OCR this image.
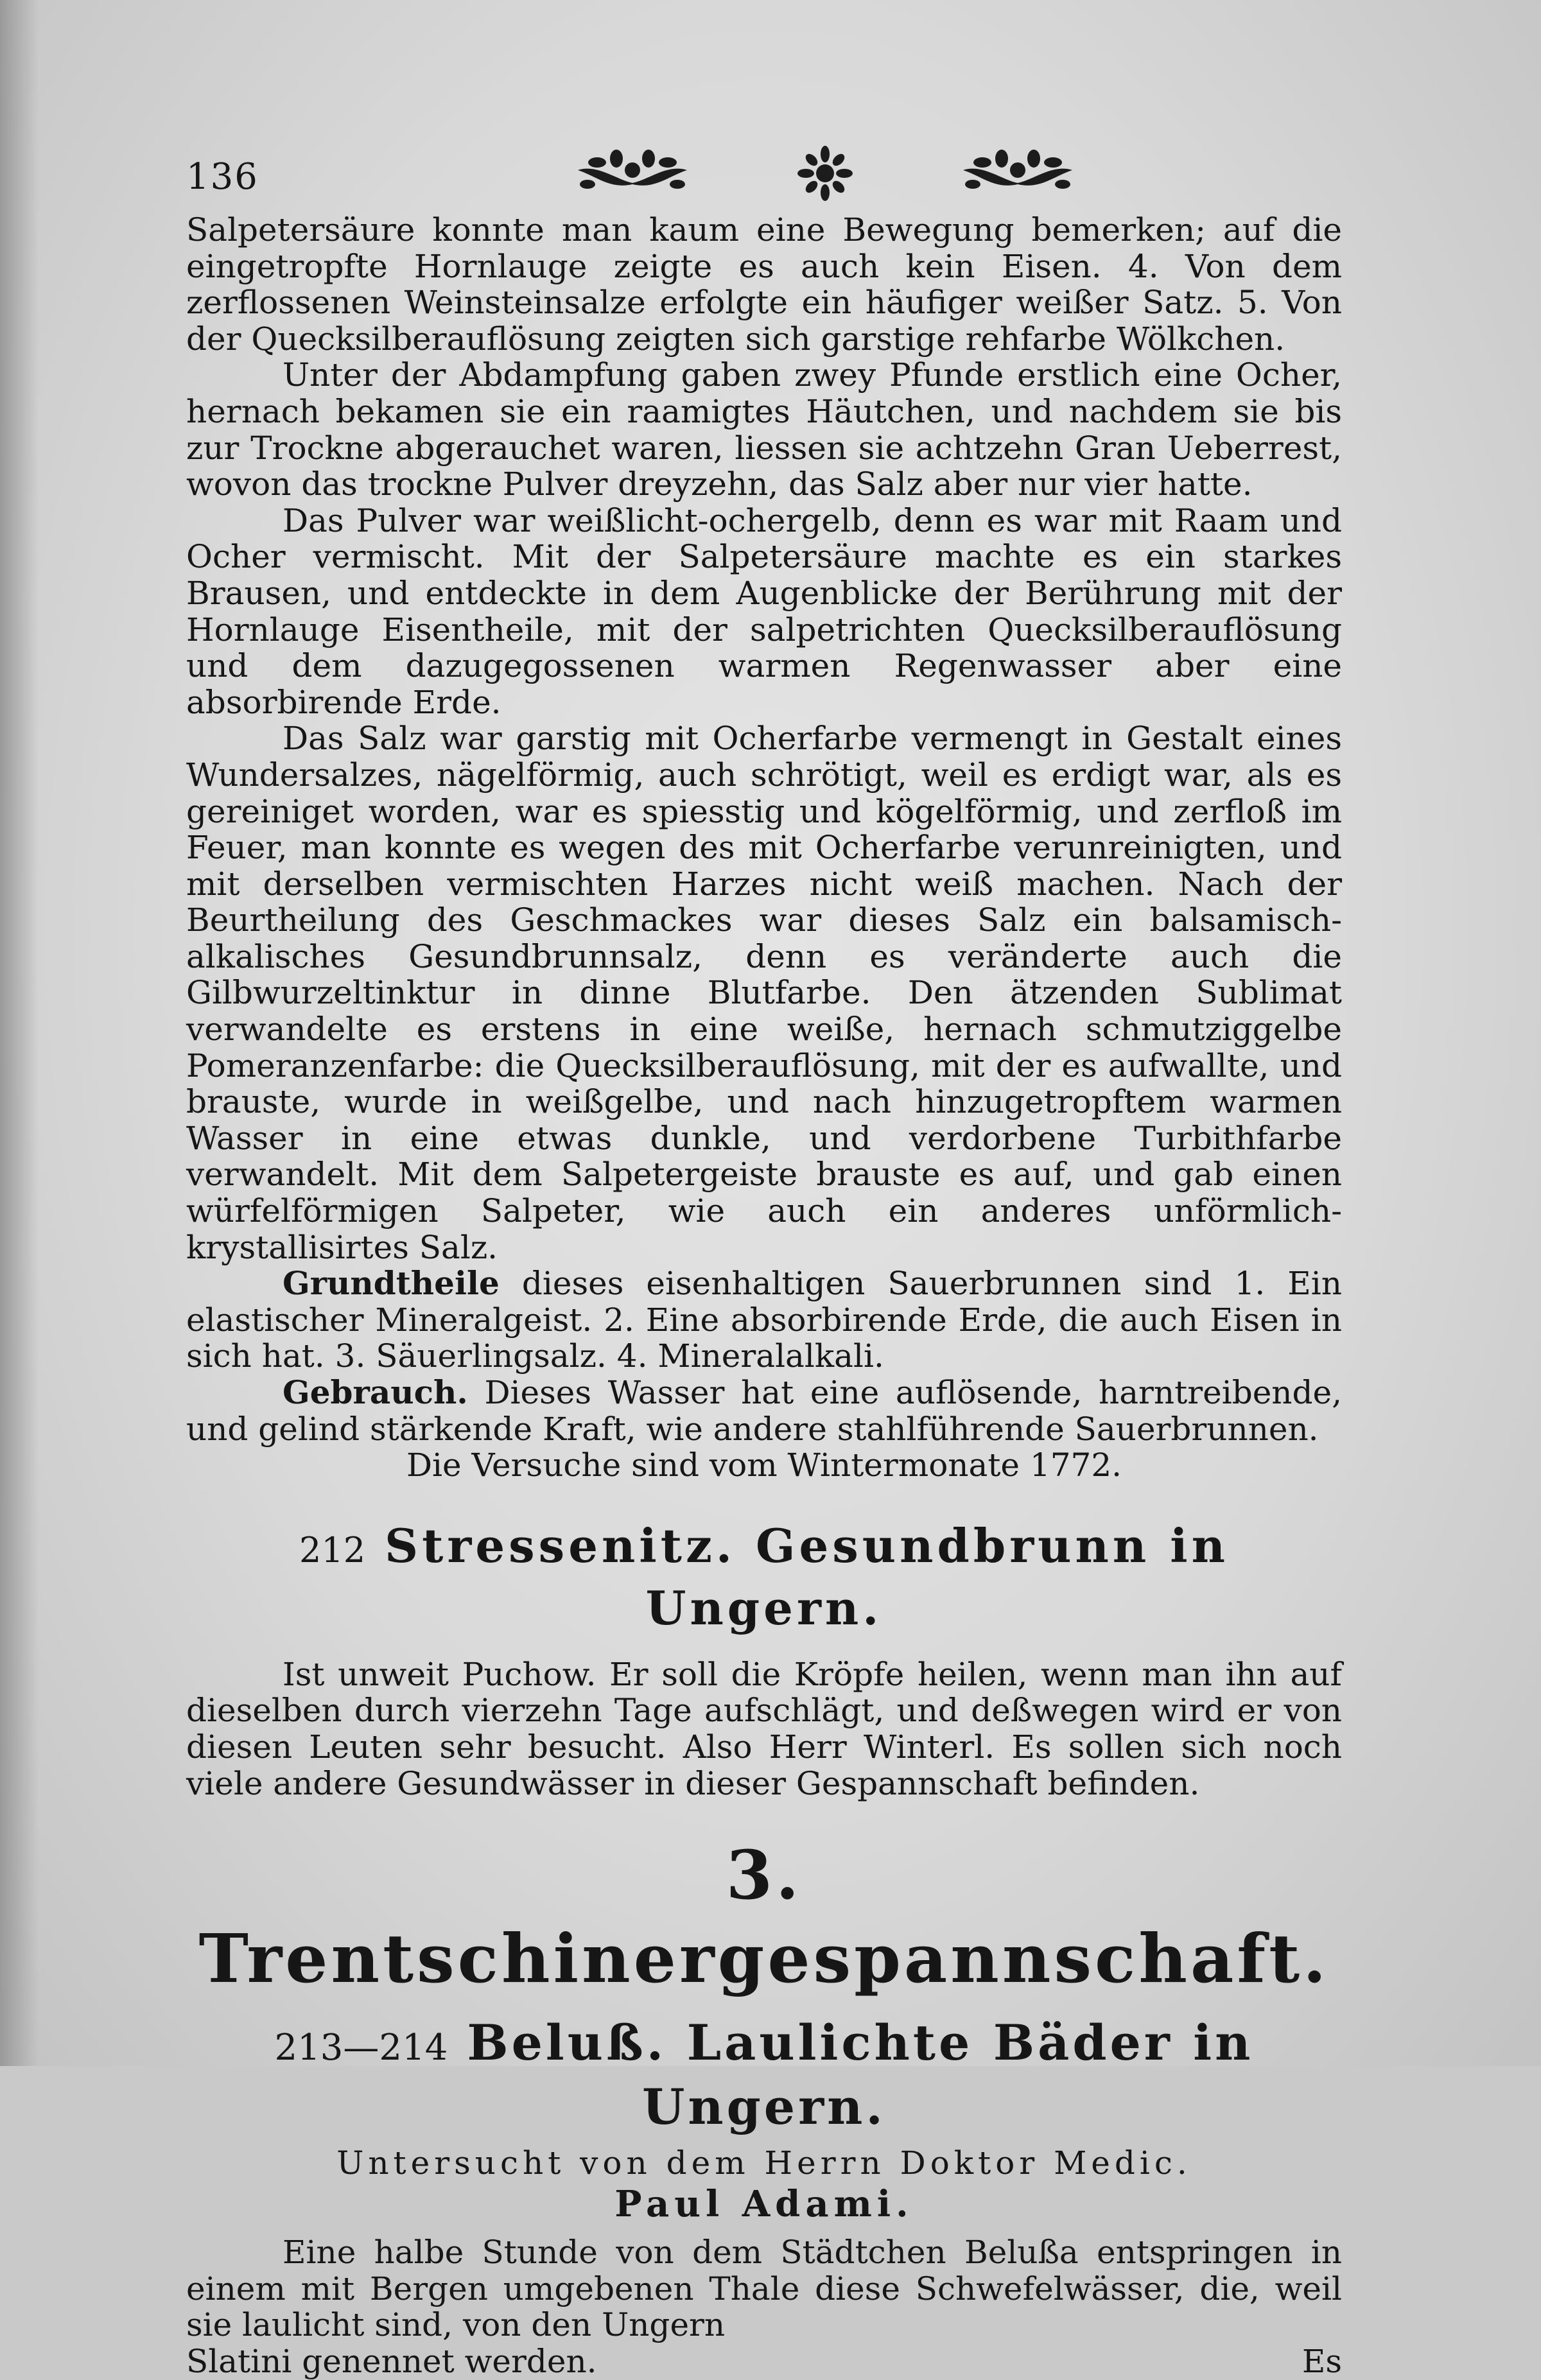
136

Salpetersäure konnte man kaum eine Bewegung bemerken; auf die eingetropfte Hornlauge zeigte es auch kein Eisen. 4. Von dem zerflossenen Weinsteinsalze erfolgte ein häufiger weißer Satz. 5. Von der Quecksilberauflösung zeigten sich garstige rehfarbe Wölkchen.

Unter der Abdampfung gaben zwey Pfunde erstlich eine Ocher, hernach bekamen sie ein raamigtes Häutchen, und nachdem sie bis zur Trockne abgerauchet waren, liessen sie achtzehn Gran Ueberrest, wovon das trockne Pulver dreyzehn, das Salz aber nur vier hatte.

Das Pulver war weißlicht-ochergelb, denn es war mit Raam und Ocher vermischt. Mit der Salpetersäure machte es ein starkes Brausen, und entdeckte in dem Augenblicke der Berührung mit der Hornlauge Eisentheile, mit der salpetrichten Quecksilberauflösung und dem dazugegossenen warmen Regenwasser aber eine absorbirende Erde.

Das Salz war garstig mit Ocherfarbe vermengt in Gestalt eines Wundersalzes, nägelförmig, auch schrötigt, weil es erdigt war, als es gereiniget worden, war es spiesstig und kögelförmig, und zerfloß im Feuer, man konnte es wegen des mit Ocherfarbe verunreinigten, und mit derselben vermischten Harzes nicht weiß machen. Nach der Beurtheilung des Geschmackes war dieses Salz ein balsamisch-alkalisches Gesundbrunnsalz, denn es veränderte auch die Gilbwurzeltinktur in dinne Blutfarbe. Den ätzenden Sublimat verwandelte es erstens in eine weiße, hernach schmutziggelbe Pomeranzenfarbe: die Quecksilberauflösung, mit der es aufwallte, und brauste, wurde in weißgelbe, und nach hinzugetropftem warmen Wasser in eine etwas dunkle, und verdorbene Turbithfarbe verwandelt. Mit dem Salpetergeiste brauste es auf, und gab einen würfelförmigen Salpeter, wie auch ein anderes unförmlich-krystallisirtes Salz.

Grundtheile dieses eisenhaltigen Sauerbrunnen sind 1. Ein elastischer Mineralgeist. 2. Eine absorbirende Erde, die auch Eisen in sich hat. 3. Säuerlingsalz. 4. Mineralalkali.

Gebrauch. Dieses Wasser hat eine auflösende, harntreibende, und gelind stärkende Kraft, wie andere stahlführende Sauerbrunnen.

Die Versuche sind vom Wintermonate 1772.

212 Stressenitz. Gesundbrunn in Ungern.

Ist unweit Puchow. Er soll die Kröpfe heilen, wenn man ihn auf dieselben durch vierzehn Tage aufschlägt, und deßwegen wird er von diesen Leuten sehr besucht. Also Herr Winterl. Es sollen sich noch viele andere Gesundwässer in dieser Gespannschaft befinden.

3. Trentschinergespannschaft.
213—214 Beluß. Laulichte Bäder in Ungern.
Untersucht von dem Herrn Doktor Medic.
Paul Adami.

Eine halbe Stunde von dem Städtchen Belußa entspringen in einem mit Bergen umgebenen Thale diese Schwefelwässer, die, weil sie laulicht sind, von den Ungern

Slatini genennet werden.	Es
